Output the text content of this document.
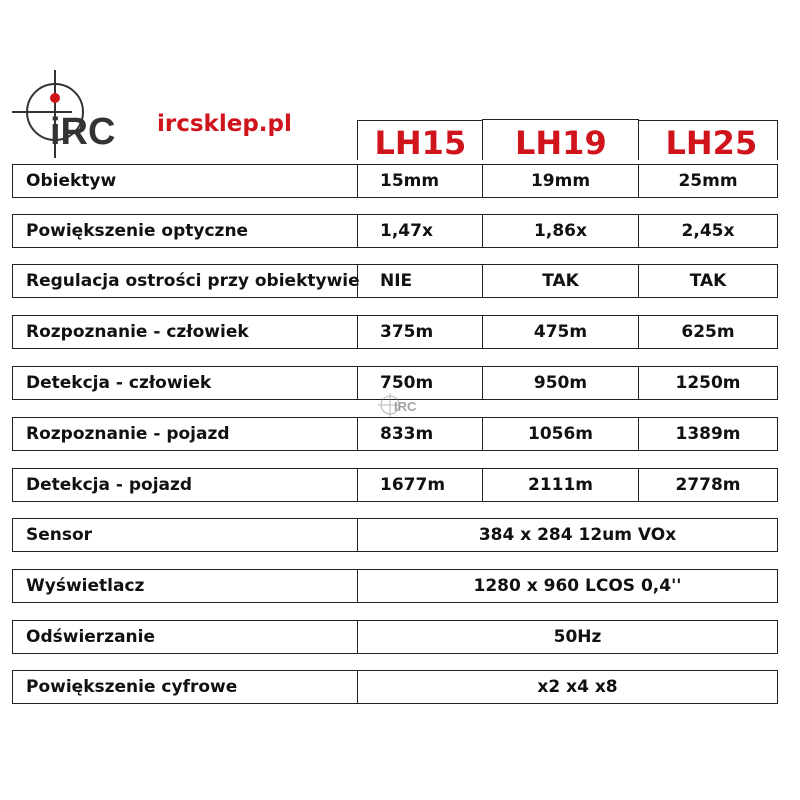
iRC ircsklep.pl	LH15 LH19 LH25
Obiektyw	15mm	19mm	25mm
Powiększenie optyczne	1,47x	1,86x	2,45x
Regulacja ostrości przy obiektywie	NIE	TAK	TAK
Rozpoznanie - człowiek	375m	475m	625m
Detekcja - człowiek	750m	950m	1250m
Rozpoznanie - pojazd	833m	1056m	1389m
Detekcja - pojazd	1677m	2111m	2778m
Sensor	384 x 284 12um VOx
Wyświetlacz	1280 x 960 LCOS 0,4''
Odświerzanie	50Hz
Powiększenie cyfrowe	x2 x4 x8
IRC
